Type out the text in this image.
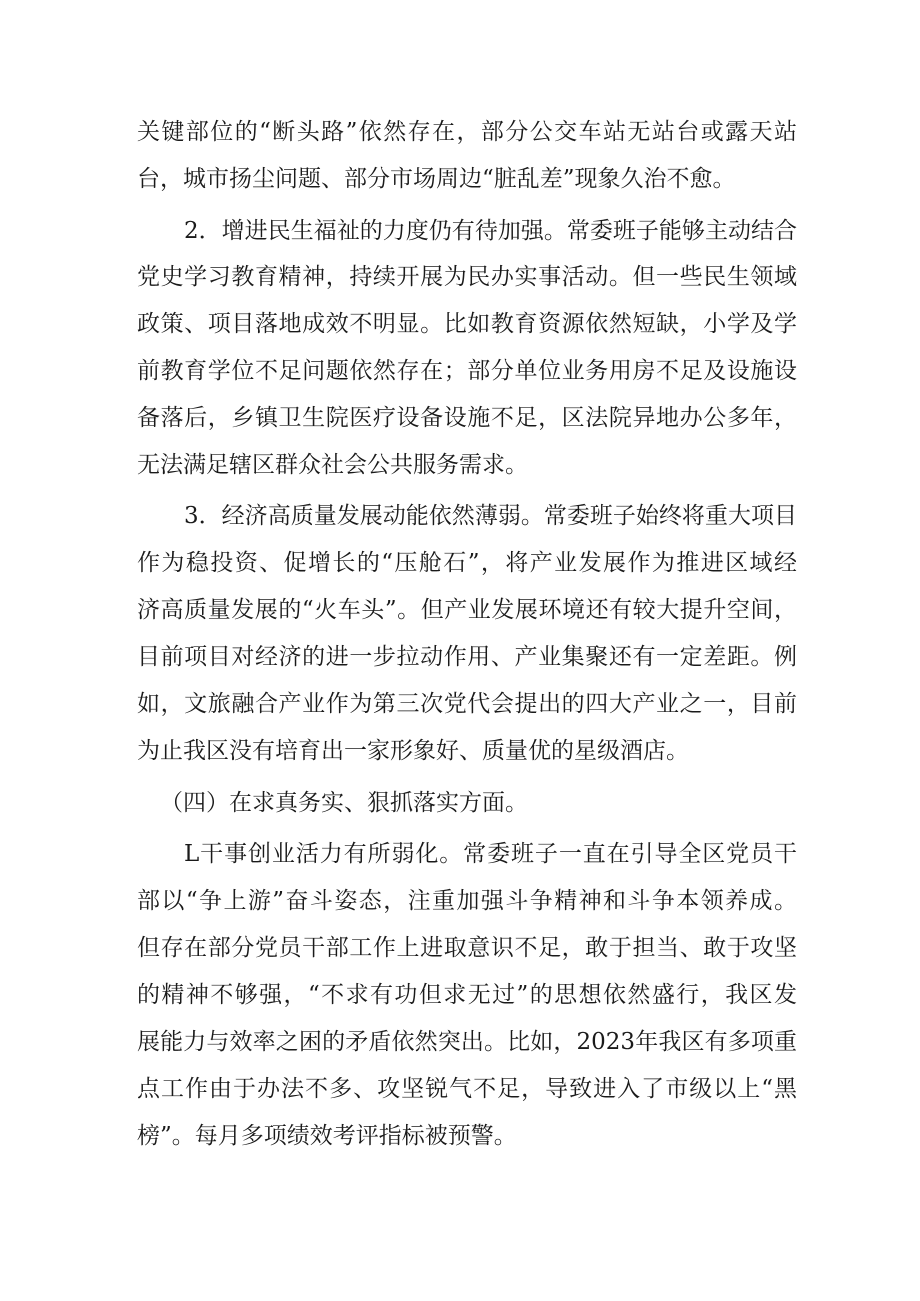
关键部位的“断头路”依然存在，部分公交车站无站台或露天站
台，城市扬尘问题、部分市场周边“脏乱差”现象久治不愈。
2．增进民生福祉的力度仍有待加强。常委班子能够主动结合
党史学习教育精神，持续开展为民办实事活动。但一些民生领域
政策、项目落地成效不明显。比如教育资源依然短缺，小学及学
前教育学位不足问题依然存在；部分单位业务用房不足及设施设
备落后，乡镇卫生院医疗设备设施不足，区法院异地办公多年，
无法满足辖区群众社会公共服务需求。
3．经济高质量发展动能依然薄弱。常委班子始终将重大项目
作为稳投资、促增长的“压舱石”，将产业发展作为推进区域经
济高质量发展的“火车头”。但产业发展环境还有较大提升空间，
目前项目对经济的进一步拉动作用、产业集聚还有一定差距。例
如，文旅融合产业作为第三次党代会提出的四大产业之一，目前
为止我区没有培育出一家形象好、质量优的星级酒店。
（四）在求真务实、狠抓落实方面。
L干事创业活力有所弱化。常委班子一直在引导全区党员干
部以“争上游”奋斗姿态，注重加强斗争精神和斗争本领养成。
但存在部分党员干部工作上进取意识不足，敢于担当、敢于攻坚
的精神不够强，“不求有功但求无过”的思想依然盛行，我区发
展能力与效率之困的矛盾依然突出。比如，2023年我区有多项重
点工作由于办法不多、攻坚锐气不足，导致进入了市级以上“黑
榜”。每月多项绩效考评指标被预警。
